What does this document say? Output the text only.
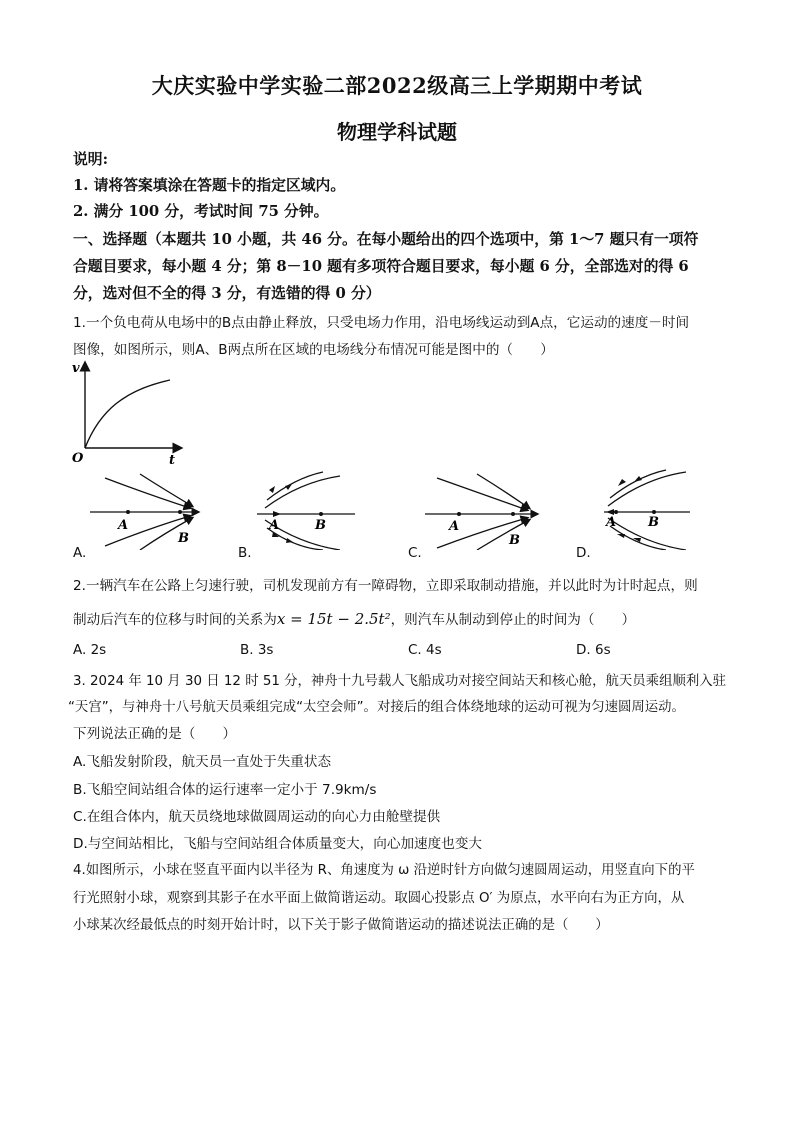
大庆实验中学实验二部2022级高三上学期期中考试
物理学科试题
说明:
1. 请将答案填涂在答题卡的指定区域内。
2. 满分 100 分，考试时间 75 分钟。
一、选择题（本题共 10 小题，共 46 分。在每小题给出的四个选项中，第 1～7 题只有一项符
合题目要求，每小题 4 分；第 8－10 题有多项符合题目要求，每小题 6 分，全部选对的得 6
分，选对但不全的得 3 分，有选错的得 0 分）
1.一个负电荷从电场中的B点由静止释放，只受电场力作用，沿电场线运动到A点，它运动的速度－时间
图像，如图所示，则A、B两点所在区域的电场线分布情况可能是图中的（　　）
v
t
O
A
B
A.
A	B
B.
A
B
C.
A B
D.
2.一辆汽车在公路上匀速行驶，司机发现前方有一障碍物，立即采取制动措施，并以此时为计时起点，则
制动后汽车的位移与时间的关系为x = 15t − 2.5t²，则汽车从制动到停止的时间为（　　）
A. 2s	B. 3s	C. 4s	D. 6s
3. 2024 年 10 月 30 日 12 时 51 分，神舟十九号载人飞船成功对接空间站天和核心舱，航天员乘组顺利入驻
“天宫”，与神舟十八号航天员乘组完成“太空会师”。对接后的组合体绕地球的运动可视为匀速圆周运动。
下列说法正确的是（　　）
A.飞船发射阶段，航天员一直处于失重状态
B.飞船空间站组合体的运行速率一定小于 7.9km/s
C.在组合体内，航天员绕地球做圆周运动的向心力由舱壁提供
D.与空间站相比，飞船与空间站组合体质量变大，向心加速度也变大
4.如图所示，小球在竖直平面内以半径为 R、角速度为 ω 沿逆时针方向做匀速圆周运动，用竖直向下的平
行光照射小球，观察到其影子在水平面上做简谐运动。取圆心投影点 O′ 为原点，水平向右为正方向，从
小球某次经最低点的时刻开始计时，以下关于影子做简谐运动的描述说法正确的是（　　）
